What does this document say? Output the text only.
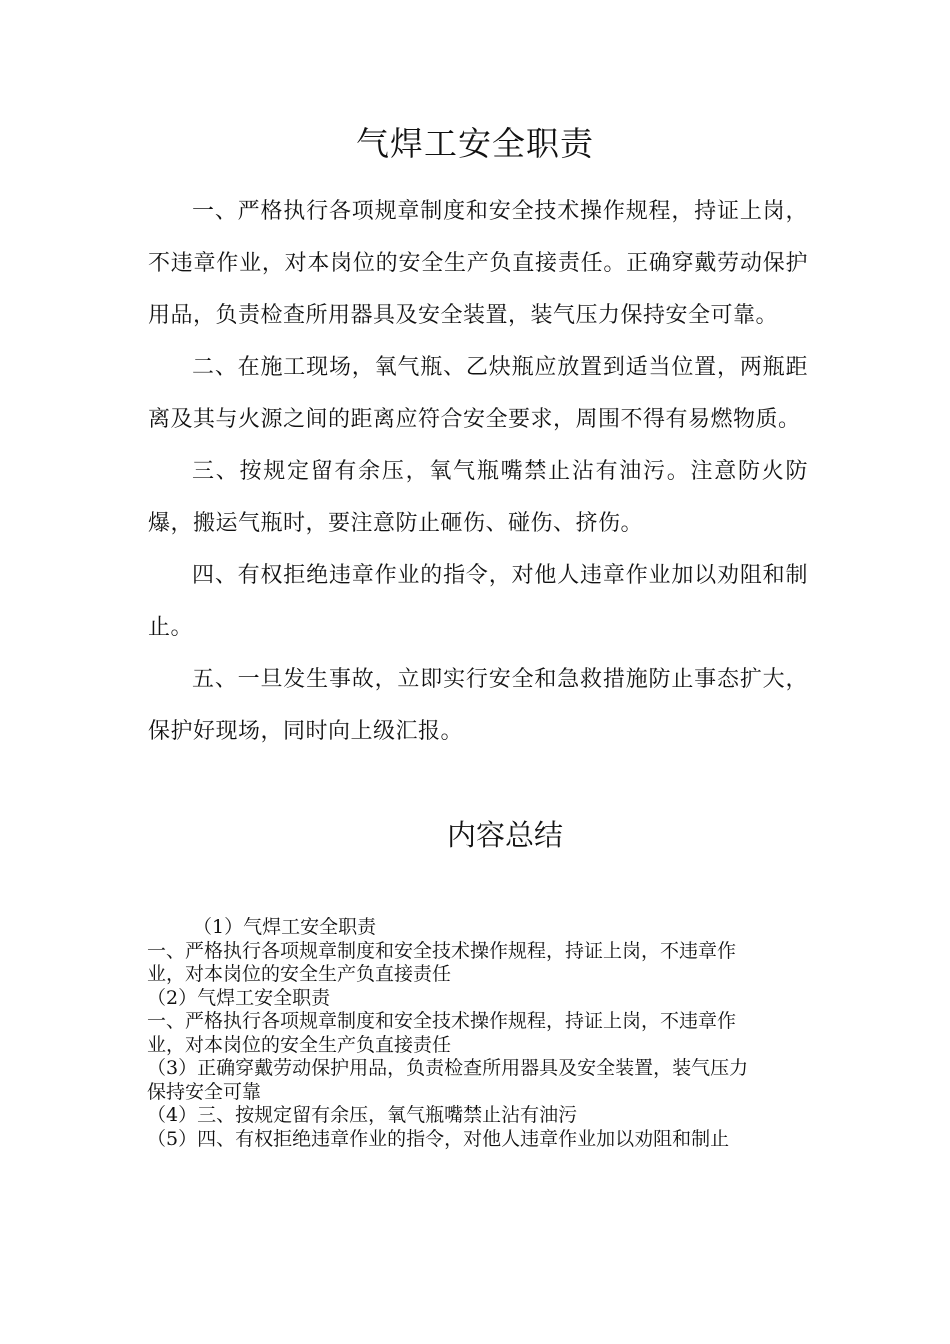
气焊工安全职责

一、严格执行各项规章制度和安全技术操作规程，持证上岗，不违章作业，对本岗位的安全生产负直接责任。正确穿戴劳动保护用品，负责检查所用器具及安全装置，装气压力保持安全可靠。

二、在施工现场，氧气瓶、乙炔瓶应放置到适当位置，两瓶距离及其与火源之间的距离应符合安全要求，周围不得有易燃物质。

三、按规定留有余压，氧气瓶嘴禁止沾有油污。注意防火防爆，搬运气瓶时，要注意防止砸伤、碰伤、挤伤。

四、有权拒绝违章作业的指令，对他人违章作业加以劝阻和制止。

五、一旦发生事故，立即实行安全和急救措施防止事态扩大，保护好现场，同时向上级汇报。

内容总结

（1）气焊工安全职责

一、严格执行各项规章制度和安全技术操作规程，持证上岗，不违章作

业，对本岗位的安全生产负直接责任

（2）气焊工安全职责

一、严格执行各项规章制度和安全技术操作规程，持证上岗，不违章作

业，对本岗位的安全生产负直接责任

（3）正确穿戴劳动保护用品，负责检查所用器具及安全装置，装气压力

保持安全可靠

（4）三、按规定留有余压，氧气瓶嘴禁止沾有油污

（5）四、有权拒绝违章作业的指令，对他人违章作业加以劝阻和制止
